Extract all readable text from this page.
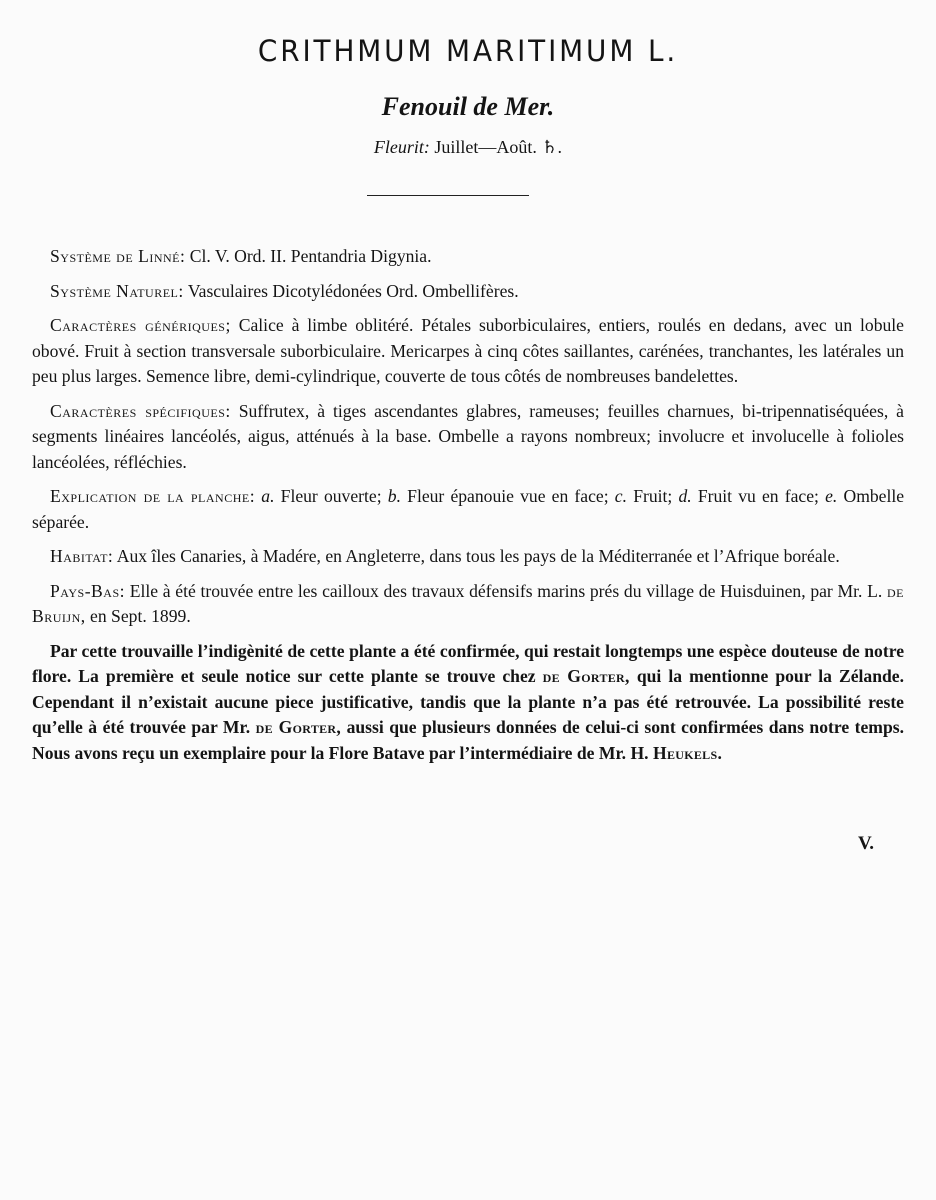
CRITHMUM MARITIMUM L.
Fenouil de Mer.
Fleurit: Juillet—Août. ♄.

Système de Linné: Cl. V. Ord. II. Pentandria Digynia.

Système Naturel: Vasculaires Dicotylédonées Ord. Ombellifères.

Caractères génériques; Calice à limbe oblitéré. Pétales suborbiculaires, entiers, roulés en dedans, avec un lobule obové. Fruit à section transversale suborbiculaire. Mericarpes à cinq côtes saillantes, carénées, tranchantes, les latérales un peu plus larges. Semence libre, demi-cylindrique, couverte de tous côtés de nombreuses bandelettes.

Caractères spécifiques: Suffrutex, à tiges ascendantes glabres, rameuses; feuilles charnues, bi-tripennatiséquées, à segments linéaires lancéolés, aigus, atténués à la base. Ombelle a rayons nombreux; involucre et involucelle à folioles lancéolées, réfléchies.

Explication de la planche: a. Fleur ouverte; b. Fleur épanouie vue en face; c. Fruit; d. Fruit vu en face; e. Ombelle séparée.

Habitat: Aux îles Canaries, à Madére, en Angleterre, dans tous les pays de la Méditerranée et l’Afrique boréale.

Pays-Bas: Elle à été trouvée entre les cailloux des travaux défensifs marins prés du village de Huisduinen, par Mr. L. de Bruijn, en Sept. 1899.

Par cette trouvaille l’indigènité de cette plante a été confirmée, qui restait longtemps une espèce douteuse de notre flore. La première et seule notice sur cette plante se trouve chez de Gorter, qui la mentionne pour la Zélande. Cependant il n’existait aucune piece justificative, tandis que la plante n’a pas été retrouvée. La possibilité reste qu’elle à été trouvée par Mr. de Gorter, aussi que plusieurs données de celui-ci sont confirmées dans notre temps. Nous avons reçu un exemplaire pour la Flore Batave par l’intermédiaire de Mr. H. Heukels.

V.
